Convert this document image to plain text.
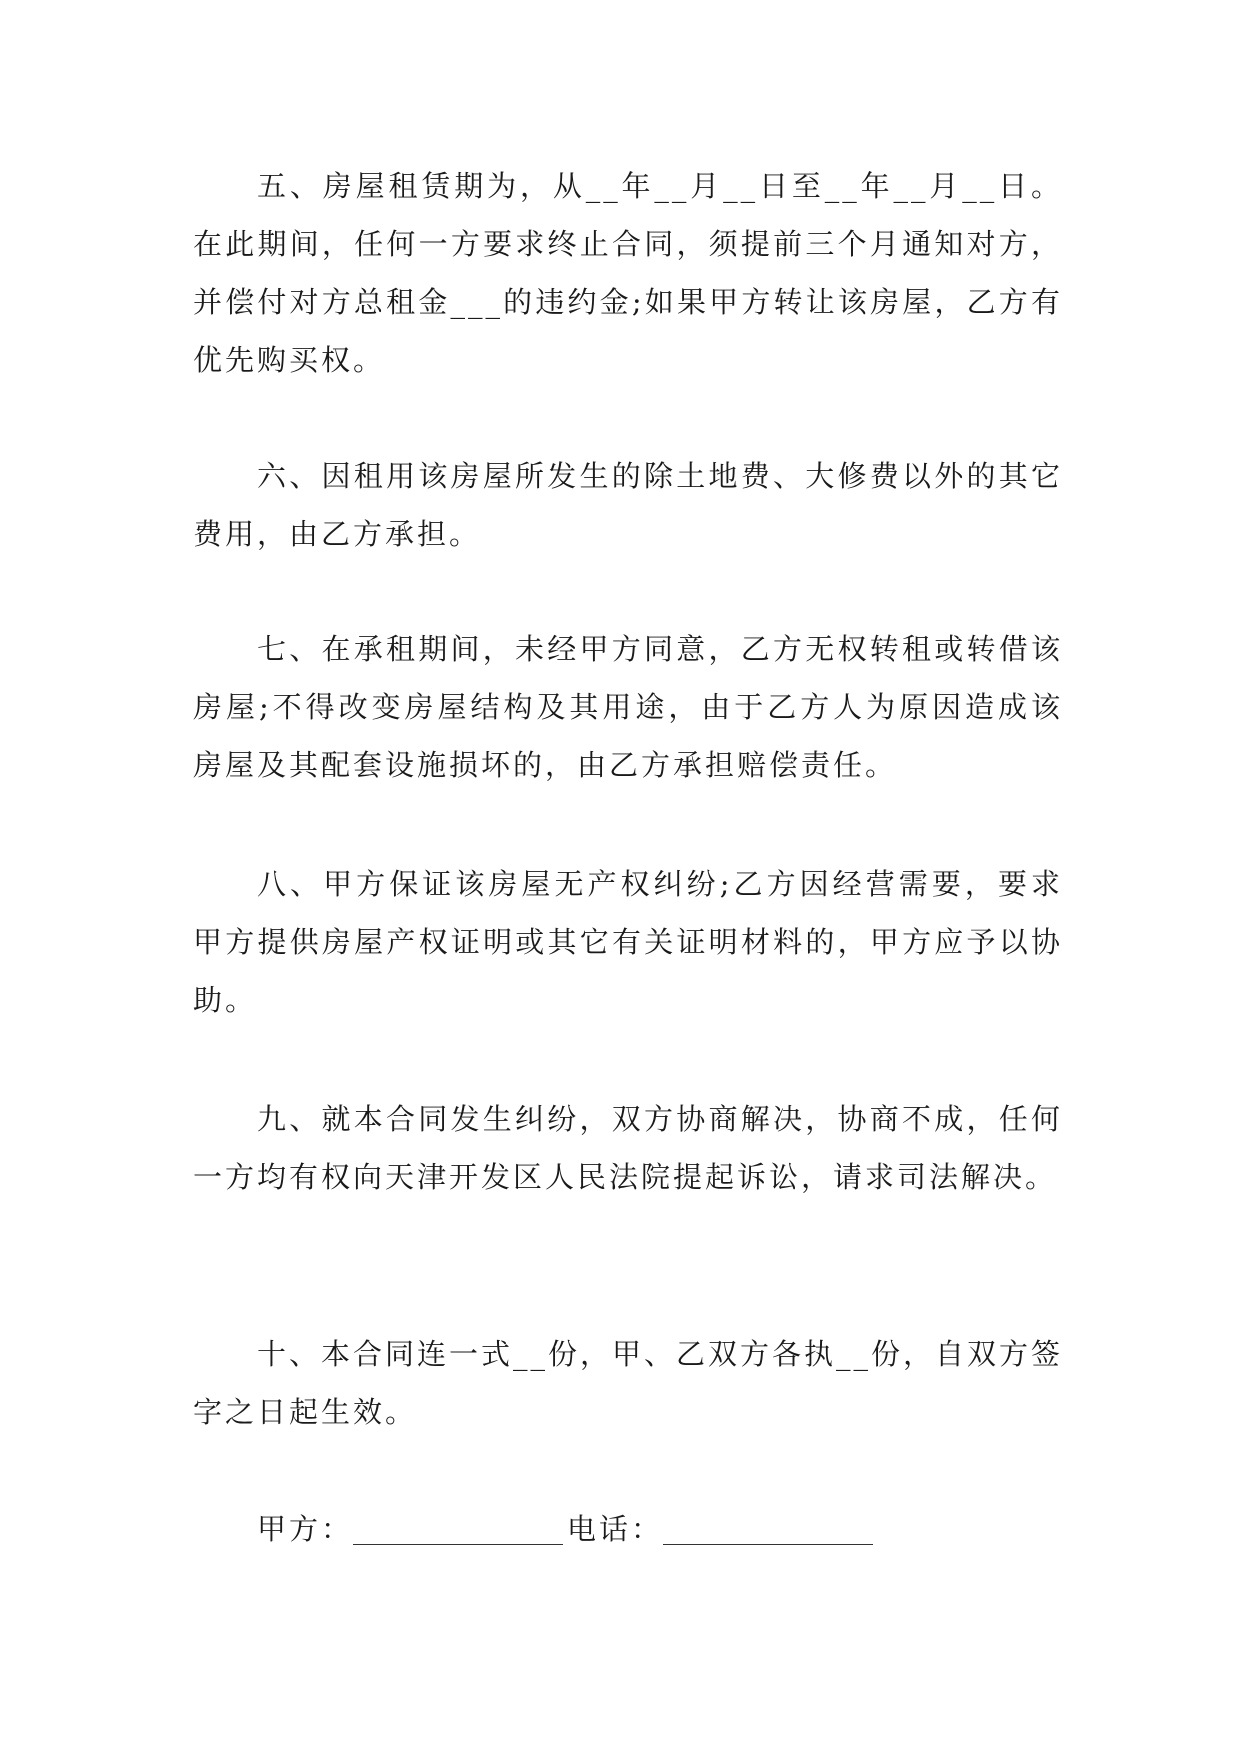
五、房屋租赁期为，从__年__月__日至__年__月__日。在此期间，任何一方要求终止合同，须提前三个月通知对方，并偿付对方总租金___的违约金;如果甲方转让该房屋，乙方有优先购买权。

六、因租用该房屋所发生的除土地费、大修费以外的其它费用，由乙方承担。

七、在承租期间，未经甲方同意，乙方无权转租或转借该房屋;不得改变房屋结构及其用途，由于乙方人为原因造成该房屋及其配套设施损坏的，由乙方承担赔偿责任。

八、甲方保证该房屋无产权纠纷;乙方因经营需要，要求甲方提供房屋产权证明或其它有关证明材料的，甲方应予以协助。

九、就本合同发生纠纷，双方协商解决，协商不成，任何一方均有权向天津开发区人民法院提起诉讼，请求司法解决。

十、本合同连一式__份，甲、乙双方各执__份，自双方签字之日起生效。

甲方：	电话：
